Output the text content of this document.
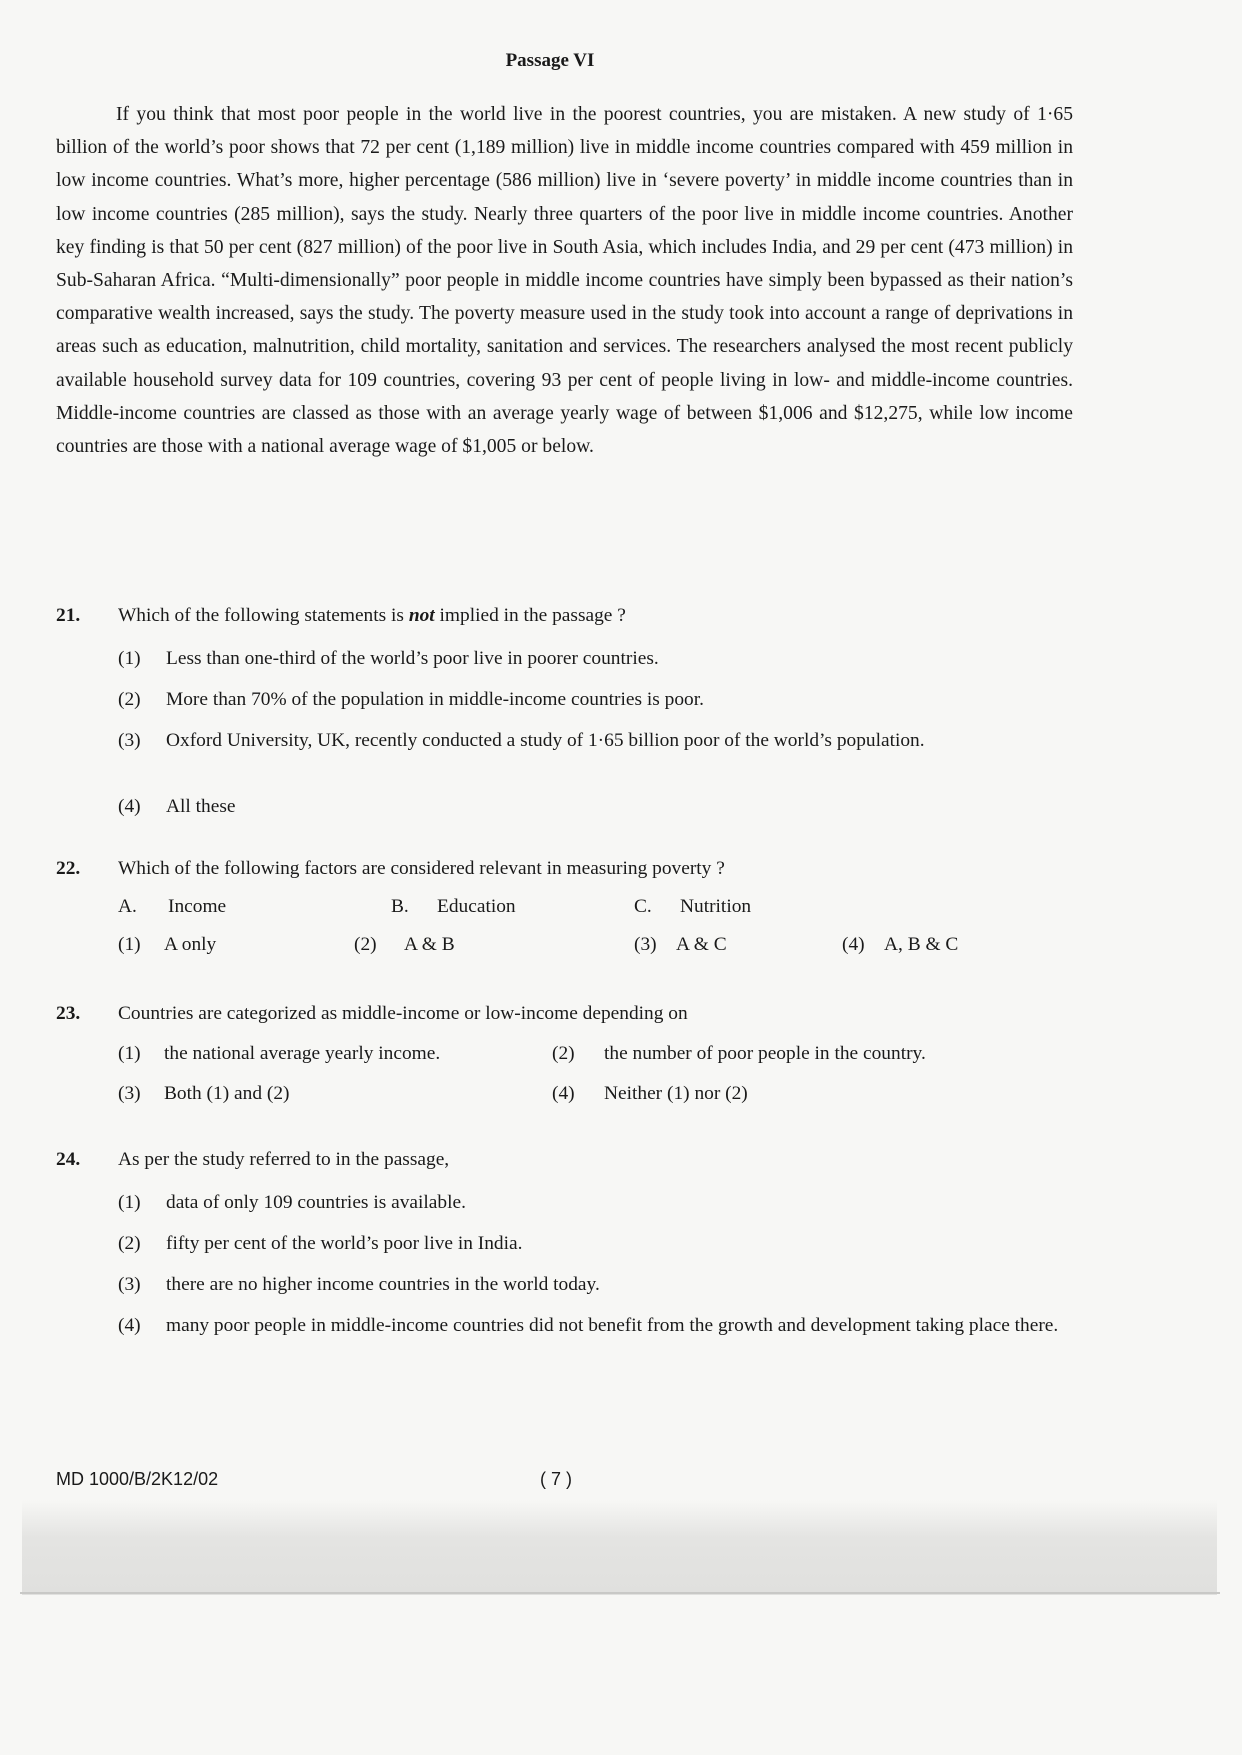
Passage VI

If you think that most poor people in the world live in the poorest countries, you are mistaken. A new study of 1·65 billion of the world’s poor shows that 72 per cent (1,189 million) live in middle income countries compared with 459 million in low income countries. What’s more, higher percentage (586 million) live in ‘severe poverty’ in middle income countries than in low income countries (285 million), says the study. Nearly three quarters of the poor live in middle income countries. Another key finding is that 50 per cent (827 million) of the poor live in South Asia, which includes India, and 29 per cent (473 million) in Sub-Saharan Africa. “Multi-dimensionally” poor people in middle income countries have simply been bypassed as their nation’s comparative wealth increased, says the study. The poverty measure used in the study took into account a range of deprivations in areas such as education, malnutrition, child mortality, sanitation and services. The researchers analysed the most recent publicly available household survey data for 109 countries, covering 93 per cent of people living in low- and middle-income countries. Middle-income countries are classed as those with an average yearly wage of between $1,006 and $12,275, while low income countries are those with a national average wage of $1,005 or below.

21. Which of the following statements is not implied in the passage ?
(1) Less than one-third of the world’s poor live in poorer countries.
(2) More than 70% of the population in middle-income countries is poor.
(3) Oxford University, UK, recently conducted a study of 1·65 billion poor of the world’s population.
(4) All these
22. Which of the following factors are considered relevant in measuring poverty ?
A. Income	B. Education	C. Nutrition
(1) A only	(2) A & B	(3) A & C	(4) A, B & C
23. Countries are categorized as middle-income or low-income depending on
(1) the national average yearly income.	(2) the number of poor people in the country.
(3) Both (1) and (2)	(4) Neither (1) nor (2)
24. As per the study referred to in the passage,
(1) data of only 109 countries is available.
(2) fifty per cent of the world’s poor live in India.
(3) there are no higher income countries in the world today.
(4) many poor people in middle-income countries did not benefit from the growth and development taking place there.
MD 1000/B/2K12/02	( 7 )
